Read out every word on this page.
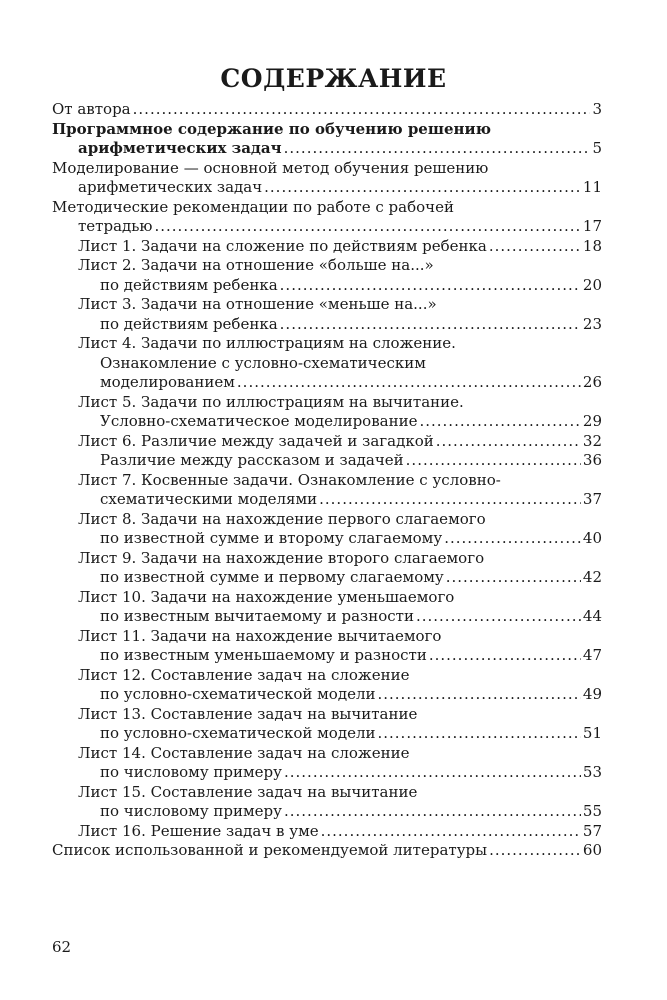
СОДЕРЖАНИЕ
От автора .....	3
Программное содержание по обучению решению
арифметических задач .....	5
Моделирование — основной метод обучения решению
арифметических задач .....	11
Методические рекомендации по работе с рабочей
тетрадью .....	17
Лист 1. Задачи на сложение по действиям ребенка .....	18
Лист 2. Задачи на отношение «больше на...»
по действиям ребенка .....	20
Лист 3. Задачи на отношение «меньше на...»
по действиям ребенка .....	23
Лист 4. Задачи по иллюстрациям на сложение.
Ознакомление с условно-схематическим
моделированием .....	26
Лист 5. Задачи по иллюстрациям на вычитание.
Условно-схематическое моделирование .....	29
Лист 6. Различие между задачей и загадкой .....	32
Различие между рассказом и задачей .....	36
Лист 7. Косвенные задачи. Ознакомление с условно-
схематическими моделями .....	37
Лист 8. Задачи на нахождение первого слагаемого
по известной сумме и второму слагаемому .....	40
Лист 9. Задачи на нахождение второго слагаемого
по известной сумме и первому слагаемому .....	42
Лист 10. Задачи на нахождение уменьшаемого
по известным вычитаемому и разности .....	44
Лист 11. Задачи на нахождение вычитаемого
по известным уменьшаемому и разности .....	47
Лист 12. Составление задач на сложение
по условно-схематической модели .....	49
Лист 13. Составление задач на вычитание
по условно-схематической модели .....	51
Лист 14. Составление задач на сложение
по числовому примеру .....	53
Лист 15. Составление задач на вычитание
по числовому примеру .....	55
Лист 16. Решение задач в уме .....	57
Список использованной и рекомендуемой литературы .....	60
62
